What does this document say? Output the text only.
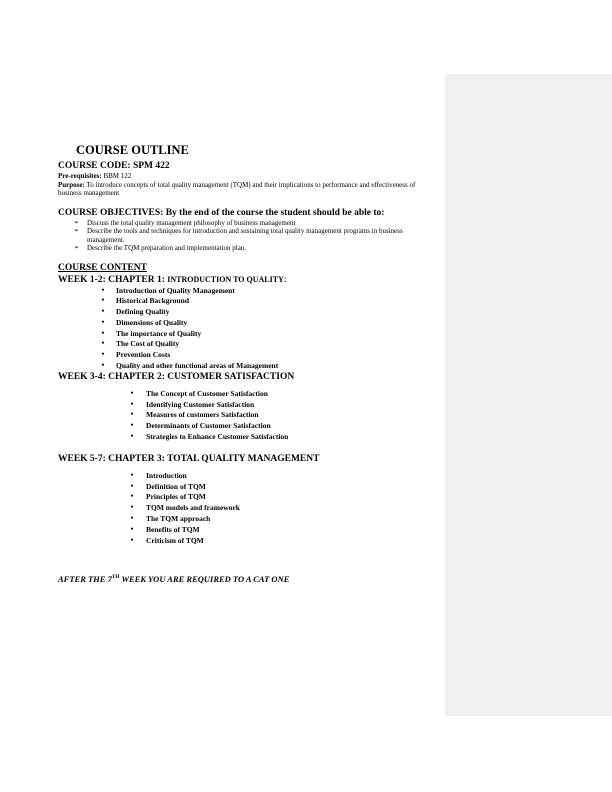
COURSE OUTLINE
COURSE CODE: SPM 422
Pre-requisites: BBM 122
Purpose: To introduce concepts of total quality management (TQM) and their implications to performance and effectiveness of business management
COURSE OBJECTIVES: By the end of the course the student should be able to:
➢ Discuss the total quality management philosophy of business management
➢ Describe the tools and techniques for introduction and sustaining total quality management programs in business management.
➢ Describe the TQM preparation and implementation plan.
COURSE CONTENT
WEEK 1-2: CHAPTER 1: INTRODUCTION TO QUALITY:
• Introduction of Quality Management
• Historical Background
• Defining Quality
• Dimensions of Quality
• The importance of Quality
• The Cost of Quality
• Prevention Costs
• Quality and other functional areas of Management
WEEK 3-4: CHAPTER 2: CUSTOMER SATISFACTION
• The Concept of Customer Satisfaction
• Identifying Customer Satisfaction
• Measures of customers Satisfaction
• Determinants of Customer Satisfaction
• Strategies to Enhance Customer Satisfaction
WEEK 5-7: CHAPTER 3: TOTAL QUALITY MANAGEMENT
• Introduction
• Definition of TQM
• Principles of TQM
• TQM models and framework
• The TQM approach
• Benefits of TQM
• Criticism of TQM
AFTER THE 7TH WEEK YOU ARE REQUIRED TO A CAT ONE
